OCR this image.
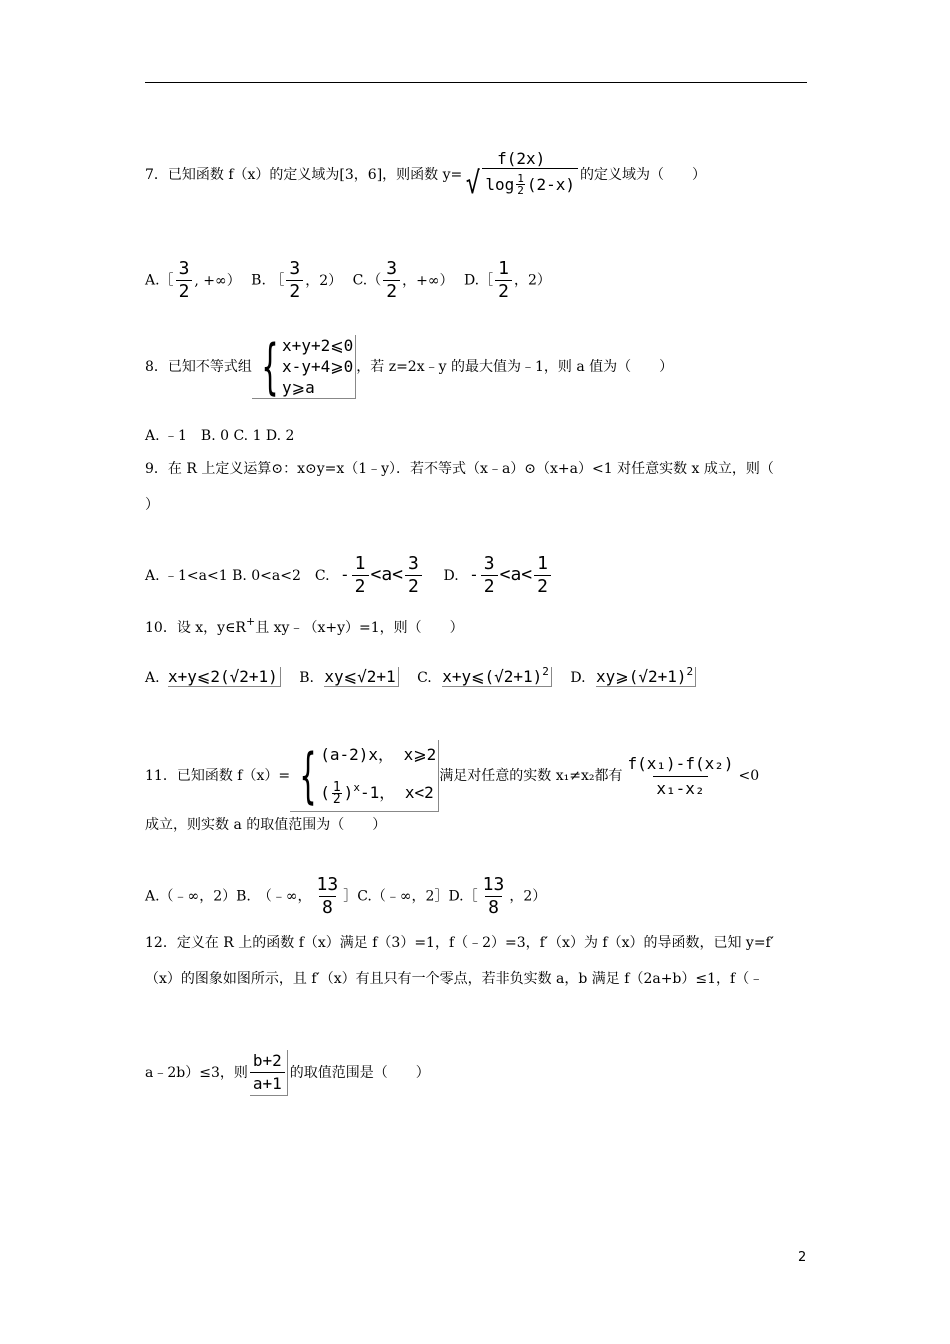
7．已知函数 f（x）的定义域为[3，6]，则函数 y=
f(2x)
√ $\log \frac{1}{2} (2-x)$ 的定义域为（　　）
A.［ $\frac{3}{2}$ , +∞） B. ［ $\frac{3}{2}$ ，2） $C.( \frac{3}{2}$ ，+∞） D.［ $\frac{1}{2}$ ，2）
8．已知不等式组 { x+y+2⩽0
x-y+4⩾0
y⩾a
，若 z=2x﹣y 的最大值为﹣1，则 a 值为（　　）
A. ﹣1　B. 0 C. 1 D. 2
9．在 R 上定义运算⊙：x⊙y=x（1﹣y）．若不等式（x﹣a）⊙（x+a）<1 对任意实数 x 成立，则（
）
A. ﹣1<a<1 B. 0<a<2　C. - $\frac{1}{2} <a< \frac{3}{2} D$. - $\frac{3}{2} <a< \frac{1}{2}$
10．设 x，y∈R+且 xy﹣（x+y）=1，则（　　）
A. x+y⩽2(√2+1) B. xy⩽√2+1 C. $x+y⩽(√2+1)^2$ D. $xy⩾(√2+1)^2$
11．已知函数 f（x）= { (a-2)x， x⩾2
( $\frac{1}{2} )^x-1$， x<2
满足对任意的实数 x₁≠x₂都有 $\frac{\text{f(x₁)-f(x₂)}}{\text{x₁-x₂}} <0$
成立，则实数 a 的取值范围为（　　）
A.（﹣∞，2）B.　（﹣∞， $\frac{13}{8}$ ］C.（﹣∞，2］D.［ $\frac{13}{8}$ ，2）
12．定义在 R 上的函数 f（x）满足 f（3）=1，f（﹣2）=3，f′（x）为 f（x）的导函数，已知 y=f′
（x）的图象如图所示，且 f′（x）有且只有一个零点，若非负实数 a，b 满足 f（2a+b）≤1，f（﹣
a﹣2b）≤3，则 $\frac{b+2}{a+1}$ 的取值范围是（　　）
2
